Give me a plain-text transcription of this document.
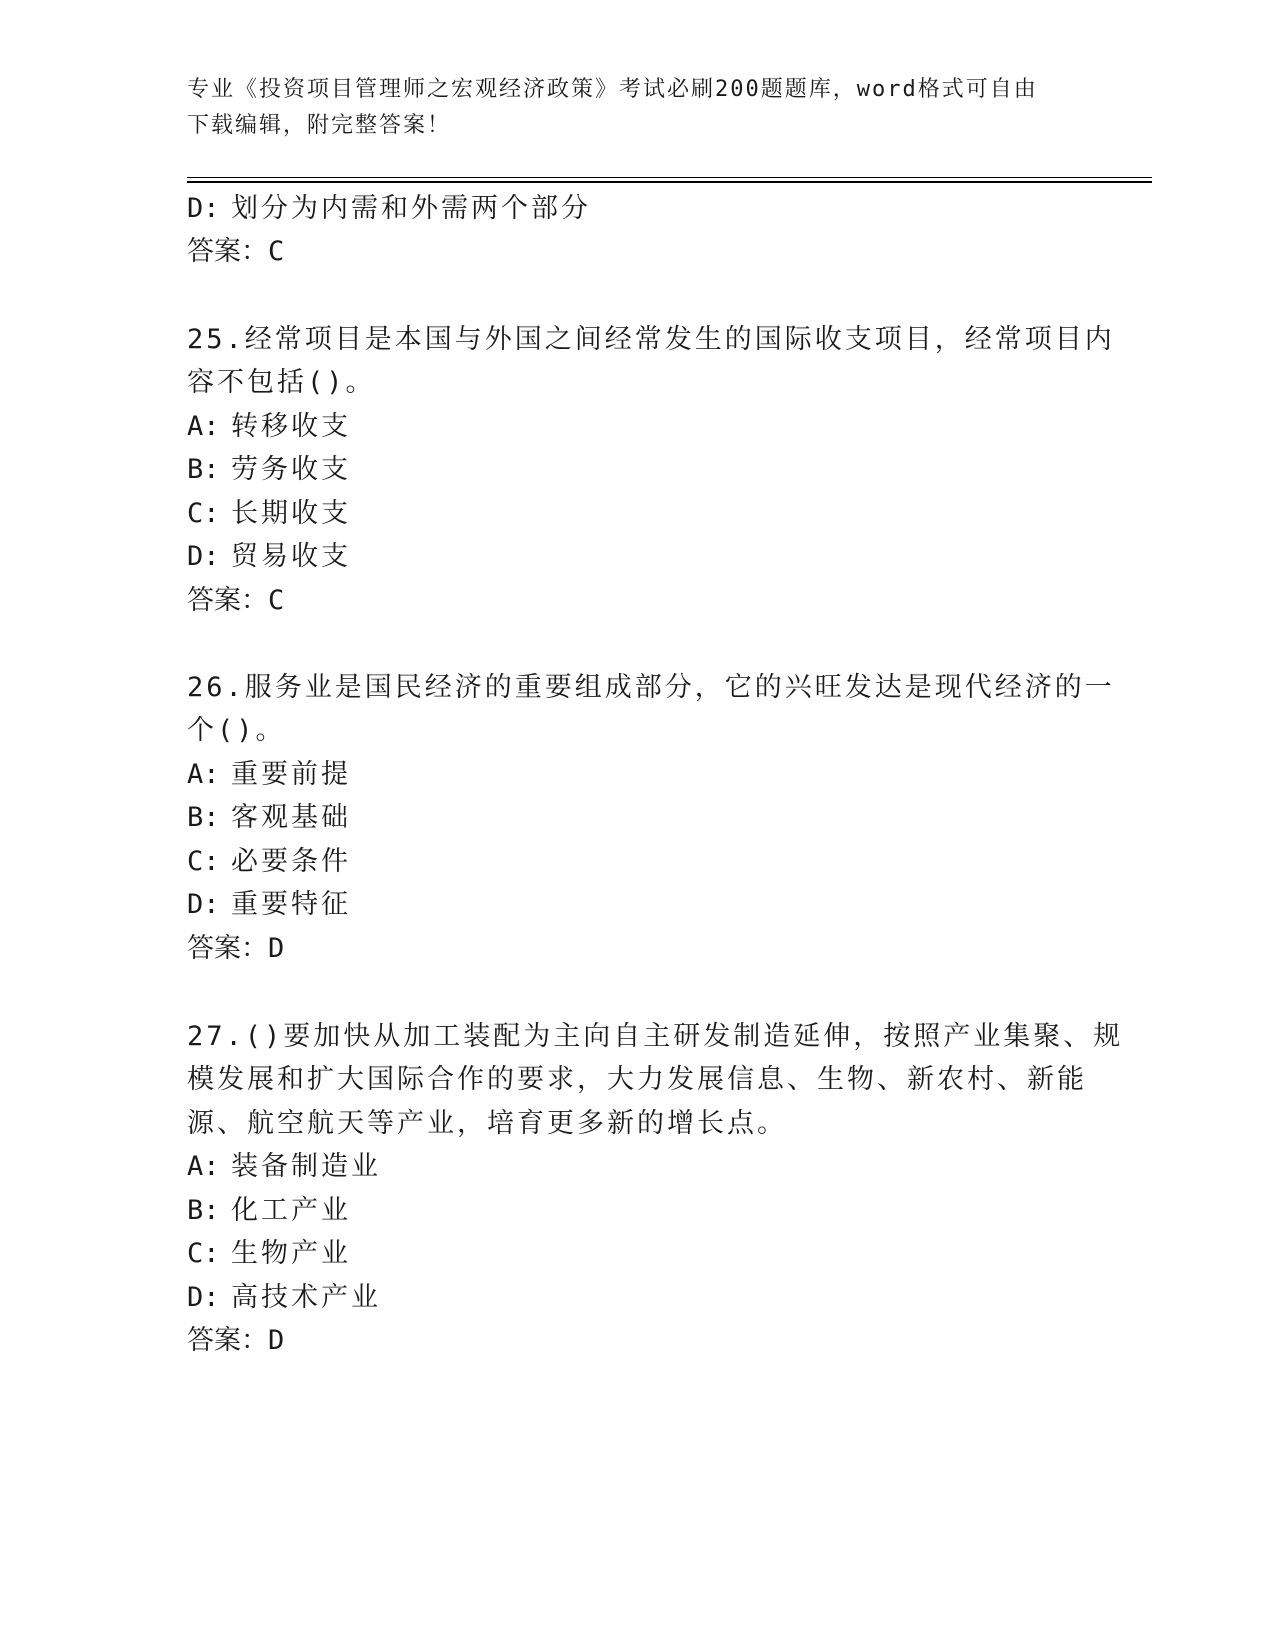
专业《投资项目管理师之宏观经济政策》考试必刷200题题库，word格式可自由
下载编辑，附完整答案！
D: 划分为内需和外需两个部分
答案：C
25.经常项目是本国与外国之间经常发生的国际收支项目，经常项目内
容不包括()。
A: 转移收支
B: 劳务收支
C: 长期收支
D: 贸易收支
答案：C
26.服务业是国民经济的重要组成部分，它的兴旺发达是现代经济的一
个()。
A: 重要前提
B: 客观基础
C: 必要条件
D: 重要特征
答案：D
27.()要加快从加工装配为主向自主研发制造延伸，按照产业集聚、规
模发展和扩大国际合作的要求，大力发展信息、生物、新农村、新能
源、航空航天等产业，培育更多新的增长点。
A: 装备制造业
B: 化工产业
C: 生物产业
D: 高技术产业
答案：D
